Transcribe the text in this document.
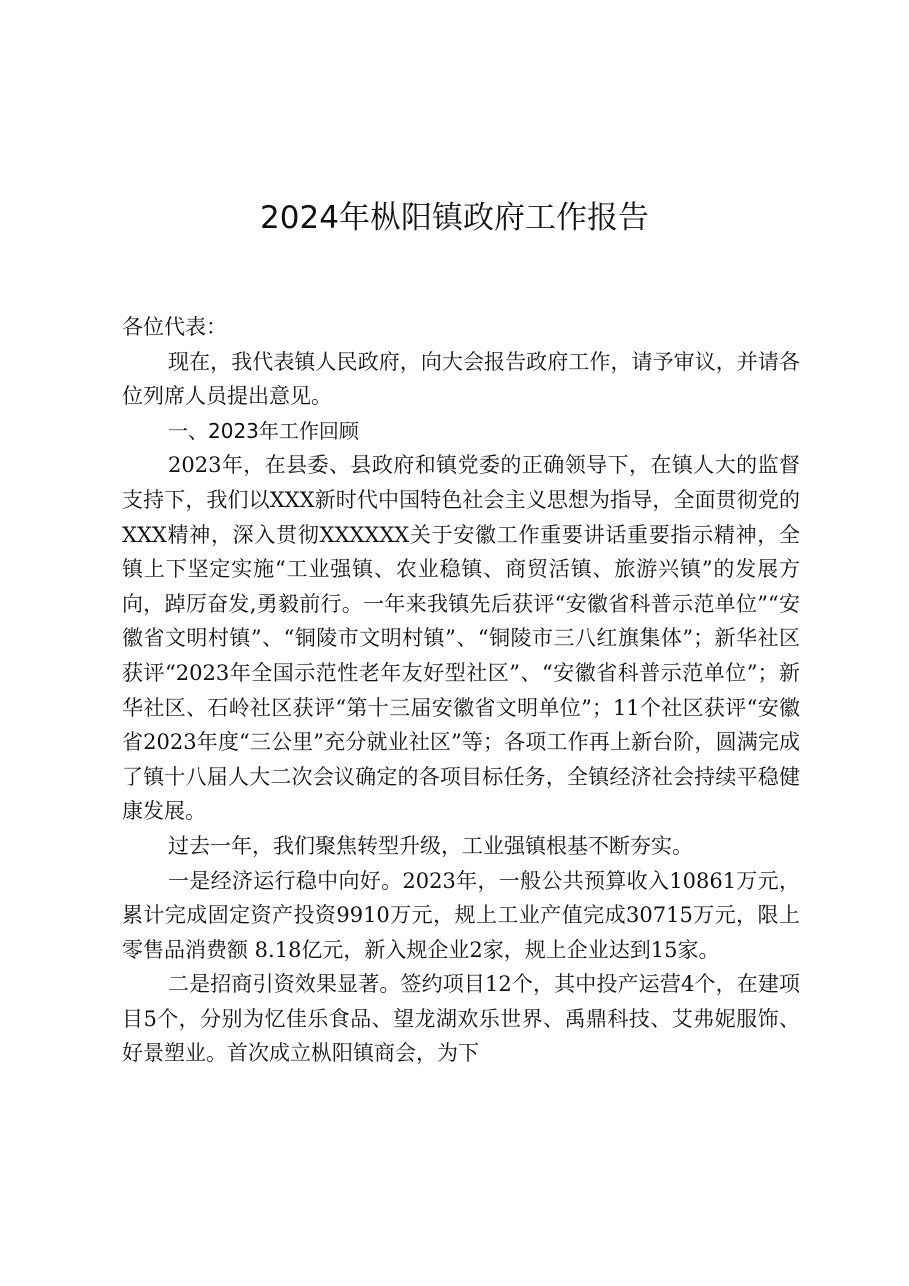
2024年枞阳镇政府工作报告

各位代表：

现在，我代表镇人民政府，向大会报告政府工作，请予审议，并请各位列席人员提出意见。

一、2023年工作回顾

2023年，在县委、县政府和镇党委的正确领导下，在镇人大的监督支持下，我们以XXX新时代中国特色社会主义思想为指导，全面贯彻党的XXX精神，深入贯彻XXXXXX关于安徽工作重要讲话重要指示精神，全镇上下坚定实施“工业强镇、农业稳镇、商贸活镇、旅游兴镇”的发展方向，踔厉奋发,勇毅前行。一年来我镇先后获评“安徽省科普示范单位”“安徽省文明村镇”、“铜陵市文明村镇”、“铜陵市三八红旗集体”；新华社区获评“2023年全国示范性老年友好型社区”、“安徽省科普示范单位”；新华社区、石岭社区获评“第十三届安徽省文明单位”；11个社区获评“安徽省2023年度“三公里”充分就业社区”等；各项工作再上新台阶，圆满完成了镇十八届人大二次会议确定的各项目标任务，全镇经济社会持续平稳健康发展。

过去一年，我们聚焦转型升级，工业强镇根基不断夯实。

一是经济运行稳中向好。2023年，一般公共预算收入10861万元，累计完成固定资产投资9910万元，规上工业产值完成30715万元，限上零售品消费额 8.18亿元，新入规企业2家，规上企业达到15家。

二是招商引资效果显著。签约项目12个，其中投产运营4个，在建项目5个，分别为忆佳乐食品、望龙湖欢乐世界、禹鼎科技、艾弗妮服饰、好景塑业。首次成立枞阳镇商会，为下
